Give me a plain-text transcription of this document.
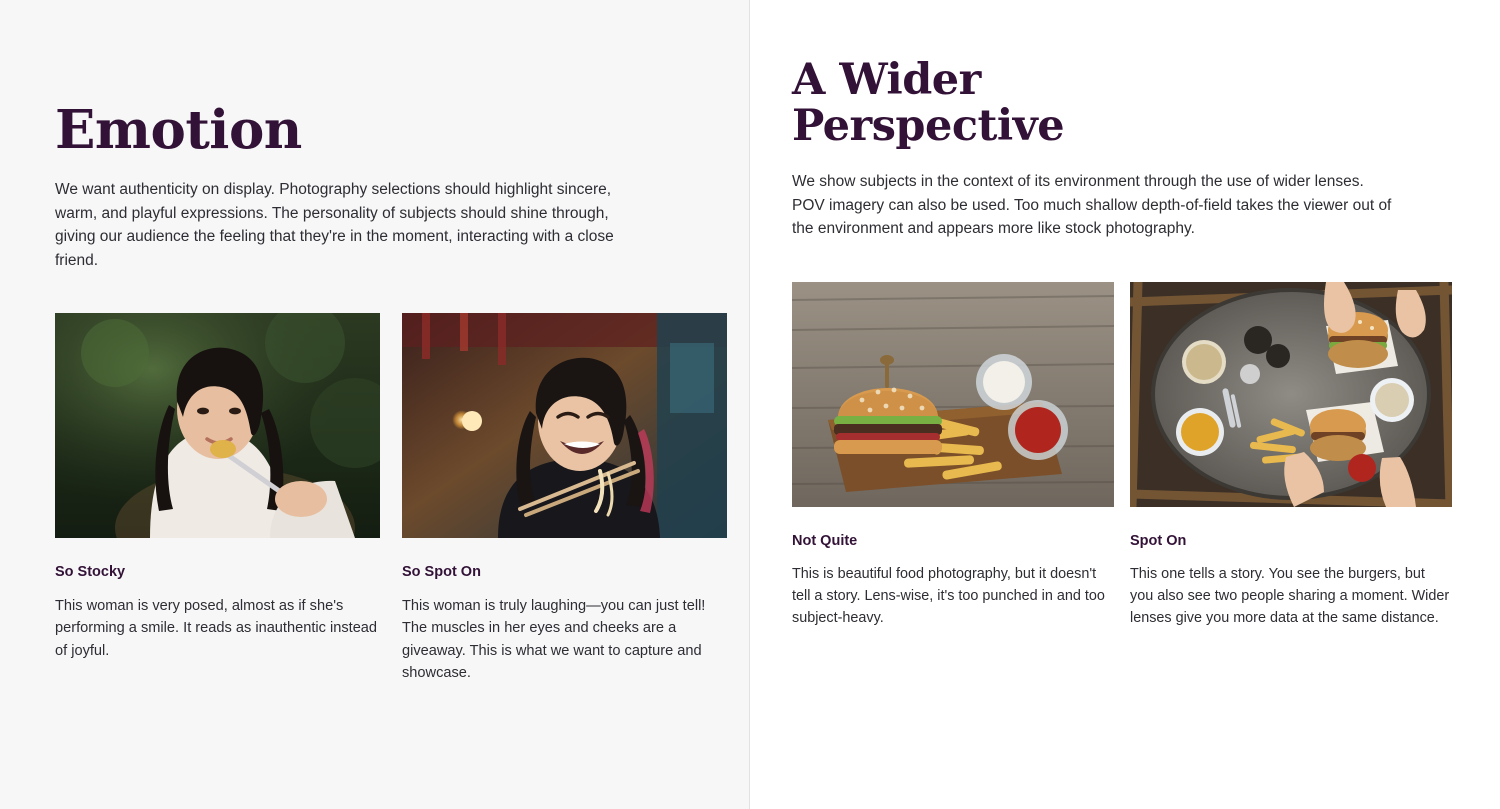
Emotion

We want authenticity on display. Photography selections should highlight sincere, warm, and playful expressions. The personality of subjects should shine through, giving our audience the feeling that they're in the moment, interacting with a close friend.

So Stocky
This woman is very posed, almost as if she's performing a smile. It reads as inauthentic instead of joyful.
So Spot On
This woman is truly laughing—you can just tell! The muscles in her eyes and cheeks are a giveaway. This is what we want to capture and showcase.
A Wider
Perspective

We show subjects in the context of its environment through the use of wider lenses. POV imagery can also be used. Too much shallow depth-of-field takes the viewer out of the environment and appears more like stock photography.

Not Quite
This is beautiful food photography, but it doesn't tell a story. Lens-wise, it's too punched in and too subject-heavy.
Spot On
This one tells a story. You see the burgers, but you also see two people sharing a moment. Wider lenses give you more data at the same distance.
